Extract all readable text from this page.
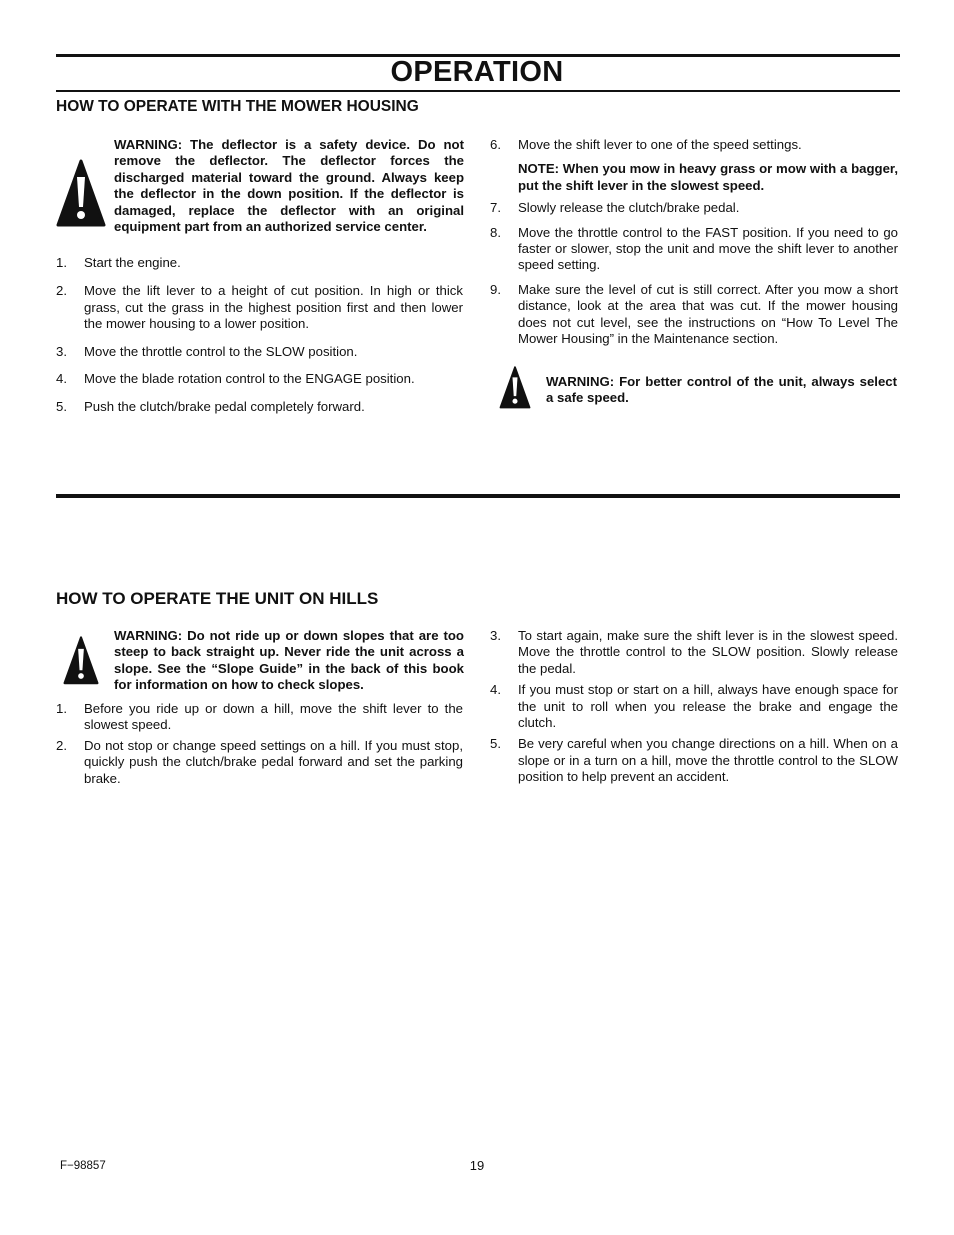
OPERATION
HOW TO OPERATE WITH THE MOWER HOUSING
WARNING: The deflector is a safety device. Do not remove the deflector. The deflector forces the discharged material toward the ground. Always keep the deflector in the down position. If the deflector is damaged, replace the deflector with an original equipment part from an authorized service center.
1.	Start the engine.
2.	Move the lift lever to a height of cut position. In high or thick grass, cut the grass in the highest position first and then lower the mower housing to a lower position.
3.	Move the throttle control to the SLOW position.
4.	Move the blade rotation control to the ENGAGE position.
5.	Push the clutch/brake pedal completely forward.
6.	Move the shift lever to one of the speed settings.
NOTE: When you mow in heavy grass or mow with a bagger, put the shift lever in the slowest speed.
7.	Slowly release the clutch/brake pedal.
8.	Move the throttle control to the FAST position. If you need to go faster or slower, stop the unit and move the shift lever to another speed setting.
9.	Make sure the level of cut is still correct. After you mow a short distance, look at the area that was cut. If the mower housing does not cut level, see the instructions on “How To Level The Mower Housing” in the Maintenance section.
WARNING: For better control of the unit, always select a safe speed.
HOW TO OPERATE THE UNIT ON HILLS
WARNING: Do not ride up or down slopes that are too steep to back straight up. Never ride the unit across a slope. See the “Slope Guide” in the back of this book for information on how to check slopes.
1.	Before you ride up or down a hill, move the shift lever to the slowest speed.
2.	Do not stop or change speed settings on a hill. If you must stop, quickly push the clutch/brake pedal forward and set the parking brake.
3.	To start again, make sure the shift lever is in the slowest speed. Move the throttle control to the SLOW position. Slowly release the pedal.
4.	If you must stop or start on a hill, always have enough space for the unit to roll when you release the brake and engage the clutch.
5.	Be very careful when you change directions on a hill. When on a slope or in a turn on a hill, move the throttle control to the SLOW position to help prevent an accident.
F−98857	19
